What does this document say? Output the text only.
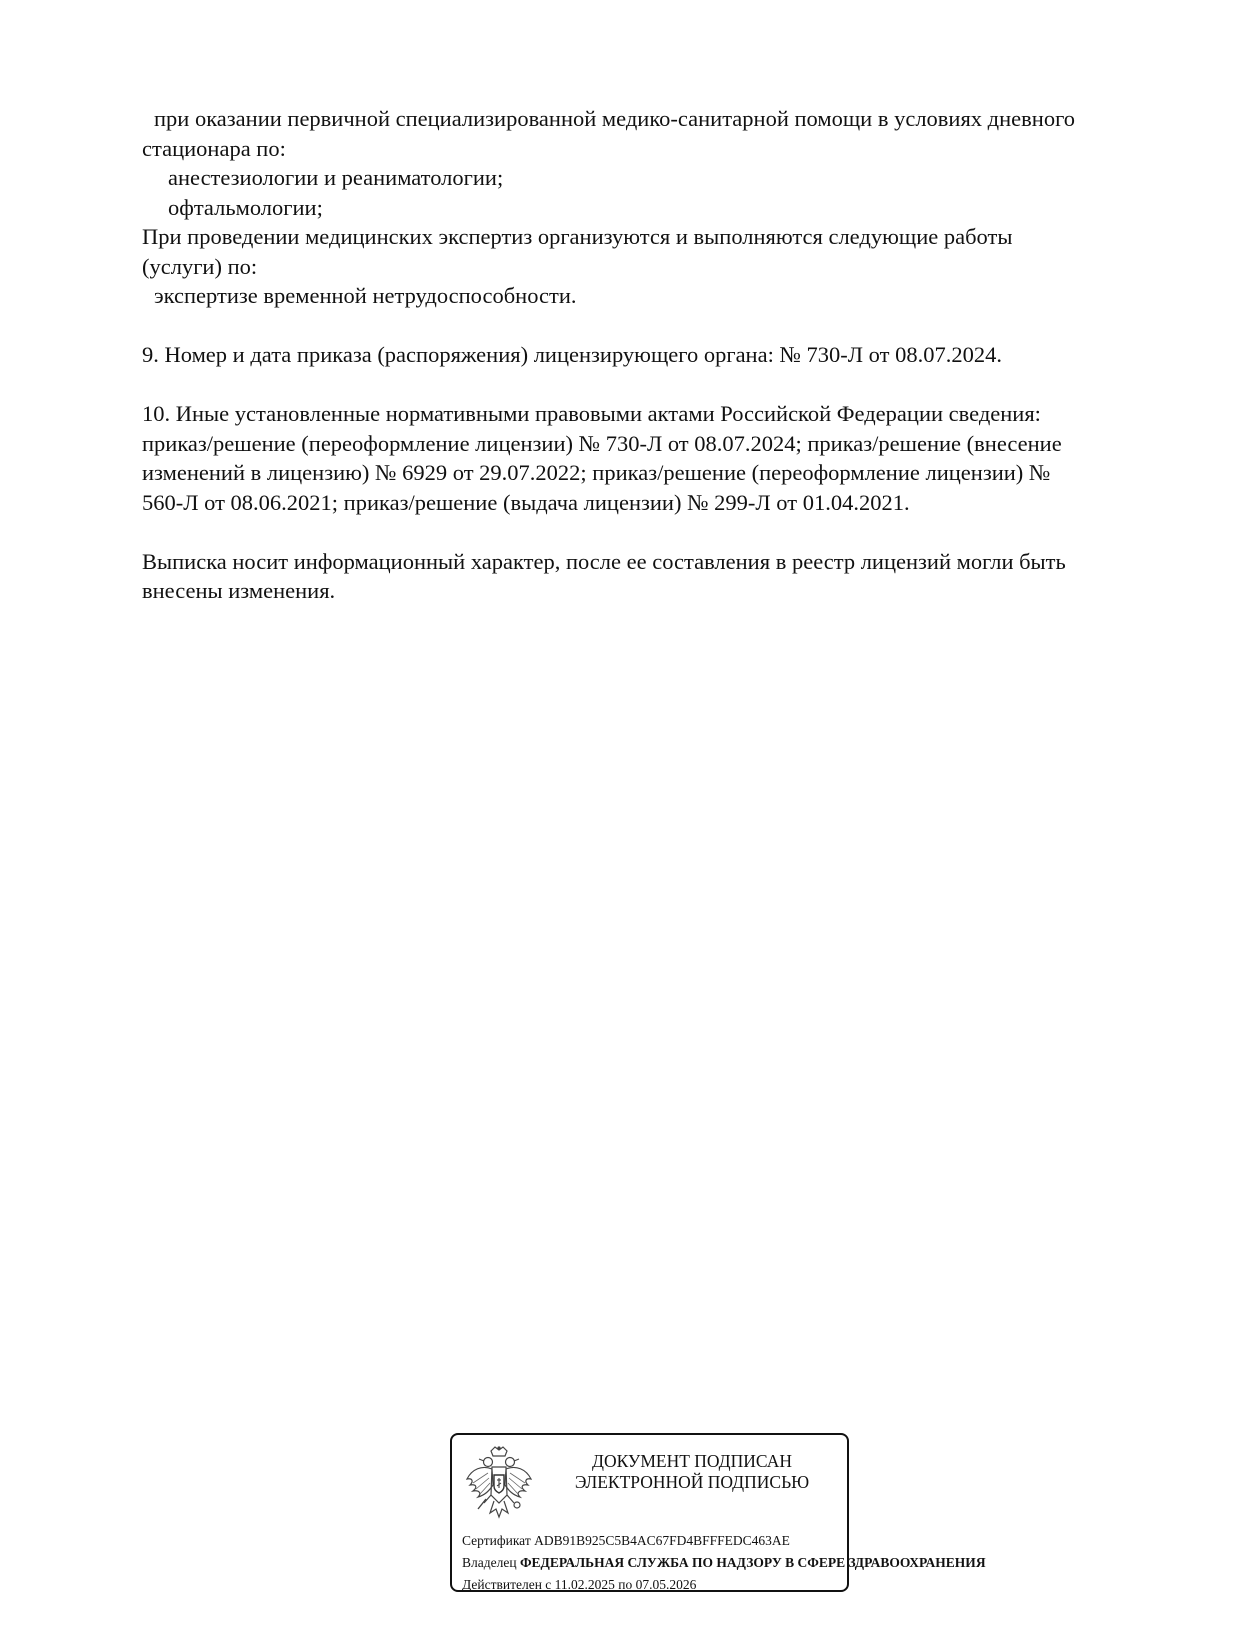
при оказании первичной специализированной медико-санитарной помощи в условиях дневного
стационара по:
анестезиологии и реаниматологии;
офтальмологии;
При проведении медицинских экспертиз организуются и выполняются следующие работы
(услуги) по:
экспертизе временной нетрудоспособности.
9. Номер и дата приказа (распоряжения) лицензирующего органа: № 730-Л от 08.07.2024.
10. Иные установленные нормативными правовыми актами Российской Федерации сведения:
приказ/решение (переоформление лицензии) № 730-Л от 08.07.2024; приказ/решение (внесение
изменений в лицензию) № 6929 от 29.07.2022; приказ/решение (переоформление лицензии) №
560-Л от 08.06.2021; приказ/решение (выдача лицензии) № 299-Л от 01.04.2021.
Выписка носит информационный характер, после ее составления в реестр лицензий могли быть
внесены изменения.
ДОКУМЕНТ ПОДПИСАН
ЭЛЕКТРОННОЙ ПОДПИСЬЮ
Сертификат ADB91B925C5B4AC67FD4BFFFEDC463AE
Владелец ФЕДЕРАЛЬНАЯ СЛУЖБА ПО НАДЗОРУ В СФЕРЕ ЗДРАВООХРАНЕНИЯ
Действителен с 11.02.2025 по 07.05.2026
